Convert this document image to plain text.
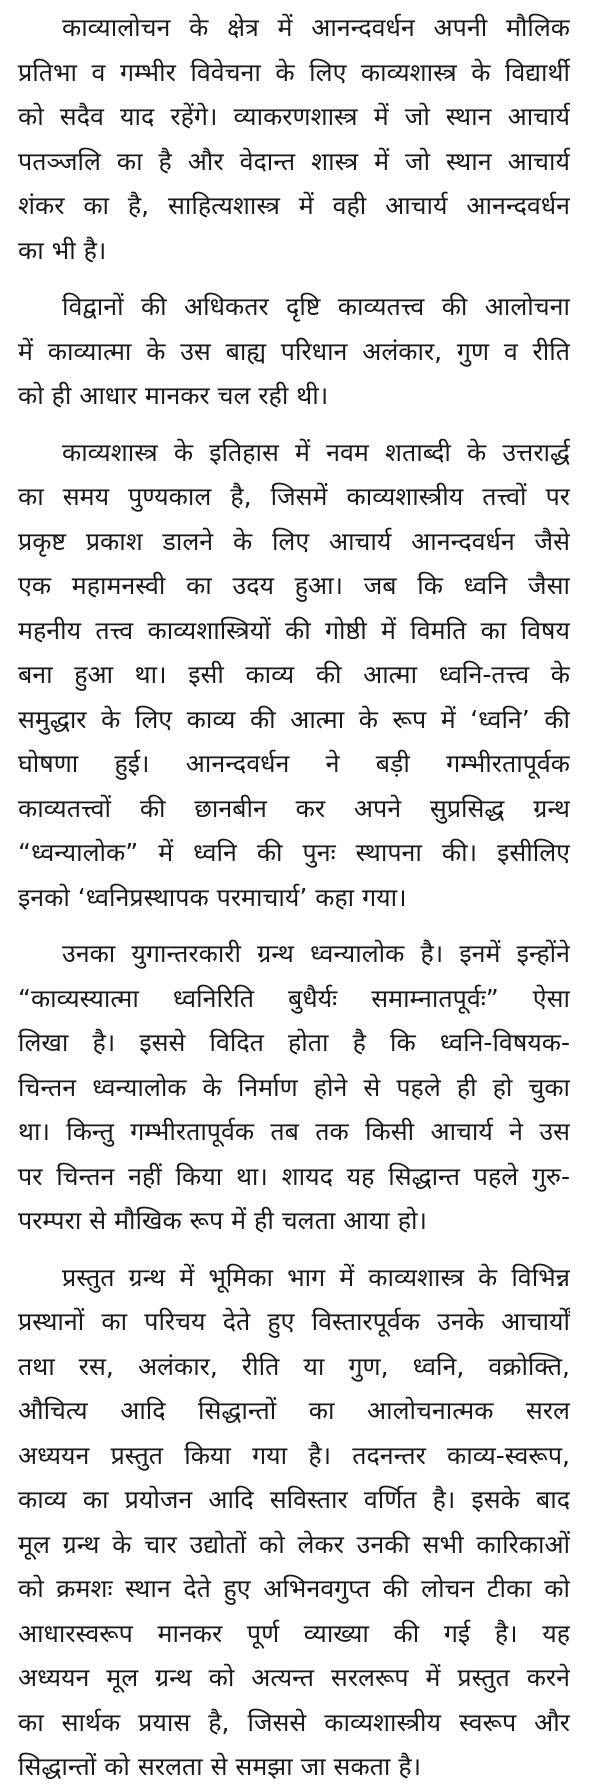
काव्यालोचन के क्षेत्र में आनन्दवर्धन अपनी मौलिक
प्रतिभा व गम्भीर विवेचना के लिए काव्यशास्त्र के विद्यार्थी
को सदैव याद रहेंगे। व्याकरणशास्त्र में जो स्थान आचार्य
पतञ्जलि का है और वेदान्त शास्त्र में जो स्थान आचार्य
शंकर का है, साहित्यशास्त्र में वही आचार्य आनन्दवर्धन
का भी है।
विद्वानों की अधिकतर दृष्टि काव्यतत्त्व की आलोचना
में काव्यात्मा के उस बाह्य परिधान अलंकार, गुण व रीति
को ही आधार मानकर चल रही थी।
काव्यशास्त्र के इतिहास में नवम शताब्दी के उत्तरार्द्ध
का समय पुण्यकाल है, जिसमें काव्यशास्त्रीय तत्त्वों पर
प्रकृष्ट प्रकाश डालने के लिए आचार्य आनन्दवर्धन जैसे
एक महामनस्वी का उदय हुआ। जब कि ध्वनि जैसा
महनीय तत्त्व काव्यशास्त्रियों की गोष्ठी में विमति का विषय
बना हुआ था। इसी काव्य की आत्मा ध्वनि-तत्त्व के
समुद्धार के लिए काव्य की आत्मा के रूप में ‘ध्वनि’ की
घोषणा हुई। आनन्दवर्धन ने बड़ी गम्भीरतापूर्वक
काव्यतत्त्वों की छानबीन कर अपने सुप्रसिद्ध ग्रन्थ
“ध्वन्यालोक” में ध्वनि की पुनः स्थापना की। इसीलिए
इनको ‘ध्वनिप्रस्थापक परमाचार्य’ कहा गया।
उनका युगान्तरकारी ग्रन्थ ध्वन्यालोक है। इनमें इन्होंने
“काव्यस्यात्मा ध्वनिरिति बुधैर्यः समाम्नातपूर्वः” ऐसा
लिखा है। इससे विदित होता है कि ध्वनि-विषयक-
चिन्तन ध्वन्यालोक के निर्माण होने से पहले ही हो चुका
था। किन्तु गम्भीरतापूर्वक तब तक किसी आचार्य ने उस
पर चिन्तन नहीं किया था। शायद यह सिद्धान्त पहले गुरु-
परम्परा से मौखिक रूप में ही चलता आया हो।
प्रस्तुत ग्रन्थ में भूमिका भाग में काव्यशास्त्र के विभिन्न
प्रस्थानों का परिचय देते हुए विस्तारपूर्वक उनके आचार्यों
तथा रस, अलंकार, रीति या गुण, ध्वनि, वक्रोक्ति,
औचित्य आदि सिद्धान्तों का आलोचनात्मक सरल
अध्ययन प्रस्तुत किया गया है। तदनन्तर काव्य-स्वरूप,
काव्य का प्रयोजन आदि सविस्तार वर्णित है। इसके बाद
मूल ग्रन्थ के चार उद्योतों को लेकर उनकी सभी कारिकाओं
को क्रमशः स्थान देते हुए अभिनवगुप्त की लोचन टीका को
आधारस्वरूप मानकर पूर्ण व्याख्या की गई है। यह
अध्ययन मूल ग्रन्थ को अत्यन्त सरलरूप में प्रस्तुत करने
का सार्थक प्रयास है, जिससे काव्यशास्त्रीय स्वरूप और
सिद्धान्तों को सरलता से समझा जा सकता है।
